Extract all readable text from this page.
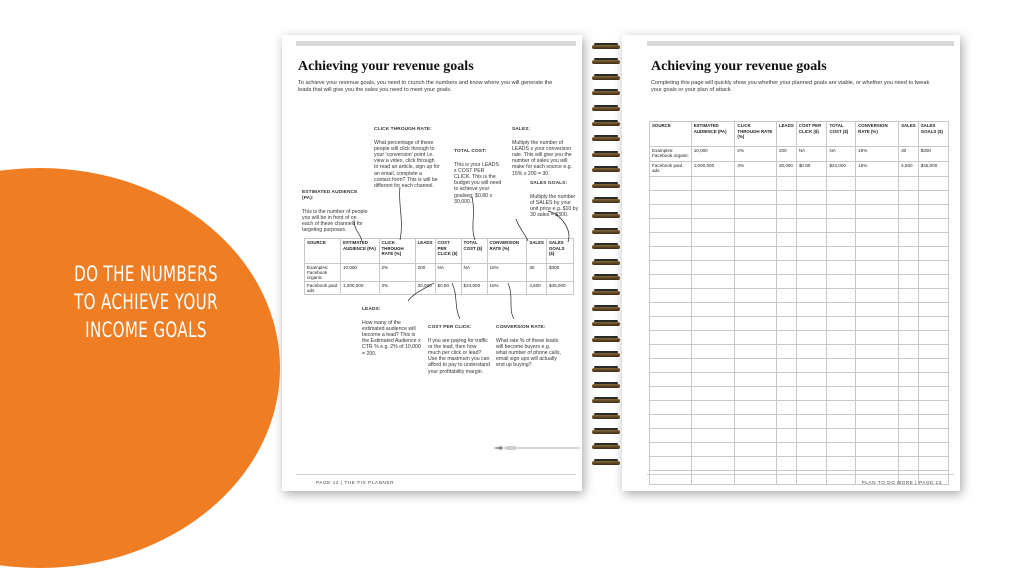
Achieving your revenue goals
To achieve your revenue goals, you need to crunch the numbers and know where you will generate the leads that will give you the sales you need to meet your goals.

CLICK THROUGH RATE:

What percentage of these people will click through to your 'conversion' point i.e. view a video, click through to read an article, sign up for an email, complete a contact form? This is will be different for each channel.

TOTAL COST:

This is your LEADS x COST PER CLICK. This is the budget you will need to achieve your goalseg: $0.80 x 30,000.

SALES:

Multiply the number of LEADS x your conversion rate. This will give you the number of sales you will make for each source e.g. 15% x 200 = 30.

SALES GOALS:

Multiply the number of SALES by your unit price e.g. $10 by 30 sales = $300.

ESTIMATED AUDIENCE (PA):

This is the number of people you will be in front of on each of these channels for targeting purposes.

SOURCE	ESTIMATED AUDIENCE (PA)	CLICK THROUGH RATE (%)	LEADS	COST PER CLICK ($)	TOTAL COST ($)	CONVERSION RATE (%)	SALES	SALES GOALS ($)
Examples: Facebook organic	10,000	2%	200	NA	NA	15%	30	$300
Facebook paid ads	1,000,000	3%	30,000	$0.80	$24,000	15%	4,500	$45,000

LEADS:

How many of the estimated audience will become a lead? This is the Estimated Audience x CTR % e.g. 2% of 10,000 = 200.

COST PER CLICK:

If you are paying for traffic or the lead, then how much per click or lead? Use the maximum you can afford to pay to understand your profitability margin.

CONVERSION RATE:

What rate % of these leads will become buyers e.g. what number of phone calls, email sign ups will actually end up buying?

PAGE 12 | THE FIX PLANNER
Achieving your revenue goals
Completing this page will quickly show you whether your planned goals are viable, or whether you need to tweak your goals or your plan of attack.
SOURCE	ESTIMATED AUDIENCE (PA)	CLICK THROUGH RATE (%)	LEADS	COST PER CLICK ($)	TOTAL COST ($)	CONVERSION RATE (%)	SALES	SALES GOALS ($)
Examples: Facebook organic	10,000	2%	200	NA	NA	15%	30	$300
Facebook paid ads	1,000,000	3%	30,000	$0.80	$24,000	15%	4,500	$45,000

PLAN TO DO MORE | PAGE 13
DO THE NUMBERS TO ACHIEVE YOUR INCOME GOALS
